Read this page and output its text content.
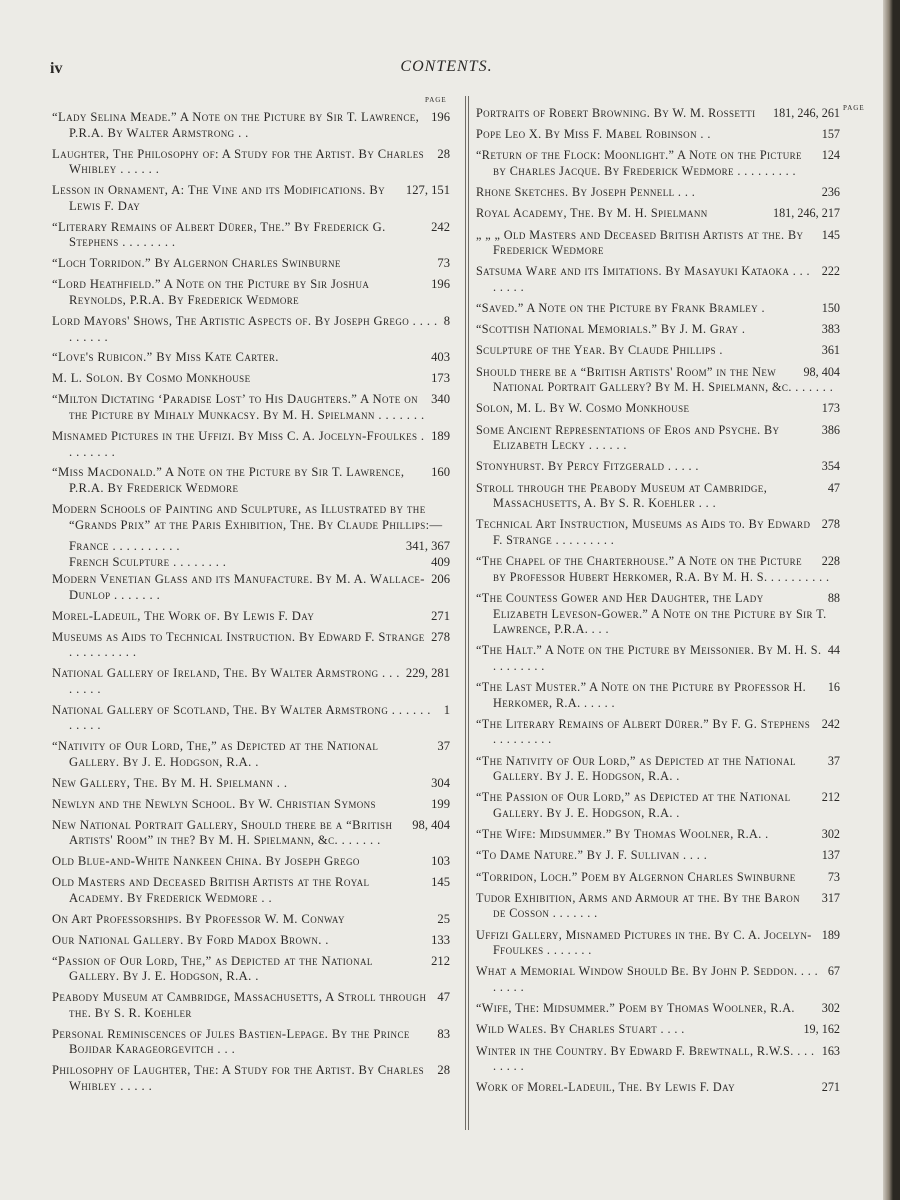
iv	CONTENTS.
PAGE
PAGE
196
“Lady Selina Meade.” A Note on the Picture by Sir T. Lawrence, P.R.A. By Walter Armstrong . .
28
Laughter, The Philosophy of: A Study for the Artist. By Charles Whibley . . . . . .
127, 151
Lesson in Ornament, A: The Vine and its Modifications. By Lewis F. Day
242
“Literary Remains of Albert Dürer, The.” By Frederick G. Stephens . . . . . . . .
73
“Loch Torridon.” By Algernon Charles Swinburne
196
“Lord Heathfield.” A Note on the Picture by Sir Joshua Reynolds, P.R.A. By Frederick Wedmore
8
Lord Mayors' Shows, The Artistic Aspects of. By Joseph Grego . . . . . . . . . .
403
“Love's Rubicon.” By Miss Kate Carter.
173
M. L. Solon. By Cosmo Monkhouse
340
“Milton Dictating ‘Paradise Lost’ to His Daughters.” A Note on the Picture by Mihaly Munkacsy. By M. H. Spielmann . . . . . . .
189
Misnamed Pictures in the Uffizi. By Miss C. A. Jocelyn-Ffoulkes . . . . . . . .
160
“Miss Macdonald.” A Note on the Picture by Sir T. Lawrence, P.R.A. By Frederick Wedmore
Modern Schools of Painting and Sculpture, as Illustrated by the “Grands Prix” at the Paris Exhibition, The. By Claude Phillips:—
341, 367
France . . . . . . . . . .
409
French Sculpture . . . . . . . .
206
Modern Venetian Glass and its Manufacture. By M. A. Wallace-Dunlop . . . . . . .
271
Morel-Ladeuil, The Work of. By Lewis F. Day
278
Museums as Aids to Technical Instruction. By Edward F. Strange . . . . . . . . . .
229, 281
National Gallery of Ireland, The. By Walter Armstrong . . . . . . . .
1
National Gallery of Scotland, The. By Walter Armstrong . . . . . . . . . . .
37
“Nativity of Our Lord, The,” as Depicted at the National Gallery. By J. E. Hodgson, R.A. .
304
New Gallery, The. By M. H. Spielmann . .
199
Newlyn and the Newlyn School. By W. Christian Symons
98, 404
New National Portrait Gallery, Should there be a “British Artists' Room” in the? By M. H. Spielmann, &c. . . . . . .
103
Old Blue-and-White Nankeen China. By Joseph Grego
145
Old Masters and Deceased British Artists at the Royal Academy. By Frederick Wedmore . .
25
On Art Professorships. By Professor W. M. Conway
133
Our National Gallery. By Ford Madox Brown. .
212
“Passion of Our Lord, The,” as Depicted at the National Gallery. By J. E. Hodgson, R.A. .
47
Peabody Museum at Cambridge, Massachusetts, A Stroll through the. By S. R. Koehler
83
Personal Reminiscences of Jules Bastien-Lepage. By the Prince Bojidar Karageorgevitch . . .
28
Philosophy of Laughter, The: A Study for the Artist. By Charles Whibley . . . . .
181, 246, 261
Portraits of Robert Browning. By W. M. Rossetti
157
Pope Leo X. By Miss F. Mabel Robinson . .
124
“Return of the Flock: Moonlight.” A Note on the Picture by Charles Jacque. By Frederick Wedmore . . . . . . . . .
236
Rhone Sketches. By Joseph Pennell . . .
181, 246, 217
Royal Academy, The. By M. H. Spielmann
145
„ „ „ Old Masters and Deceased British Artists at the. By Frederick Wedmore
222
Satsuma Ware and its Imitations. By Masayuki Kataoka . . . . . . . .
150
“Saved.” A Note on the Picture by Frank Bramley .
383
“Scottish National Memorials.” By J. M. Gray .
361
Sculpture of the Year. By Claude Phillips .
98, 404
Should there be a “British Artists' Room” in the New National Portrait Gallery? By M. H. Spielmann, &c. . . . . . .
173
Solon, M. L. By W. Cosmo Monkhouse
386
Some Ancient Representations of Eros and Psyche. By Elizabeth Lecky . . . . . .
354
Stonyhurst. By Percy Fitzgerald . . . . .
47
Stroll through the Peabody Museum at Cambridge, Massachusetts, A. By S. R. Koehler . . .
278
Technical Art Instruction, Museums as Aids to. By Edward F. Strange . . . . . . . . .
228
“The Chapel of the Charterhouse.” A Note on the Picture by Professor Hubert Herkomer, R.A. By M. H. S. . . . . . . . . .
88
“The Countess Gower and Her Daughter, the Lady Elizabeth Leveson-Gower.” A Note on the Picture by Sir T. Lawrence, P.R.A. . . .
44
“The Halt.” A Note on the Picture by Meissonier. By M. H. S. . . . . . . . .
16
“The Last Muster.” A Note on the Picture by Professor H. Herkomer, R.A. . . . . .
242
“The Literary Remains of Albert Dürer.” By F. G. Stephens . . . . . . . . .
37
“The Nativity of Our Lord,” as Depicted at the National Gallery. By J. E. Hodgson, R.A. .
212
“The Passion of Our Lord,” as Depicted at the National Gallery. By J. E. Hodgson, R.A. .
302
“The Wife: Midsummer.” By Thomas Woolner, R.A. .
137
“To Dame Nature.” By J. F. Sullivan . . . .
73
“Torridon, Loch.” Poem by Algernon Charles Swinburne
317
Tudor Exhibition, Arms and Armour at the. By the Baron de Cosson . . . . . . .
189
Uffizi Gallery, Misnamed Pictures in the. By C. A. Jocelyn-Ffoulkes . . . . . . .
67
What a Memorial Window Should Be. By John P. Seddon. . . . . . . . .
302
“Wife, The: Midsummer.” Poem by Thomas Woolner, R.A.
19, 162
Wild Wales. By Charles Stuart . . . .
163
Winter in the Country. By Edward F. Brewtnall, R.W.S. . . . . . . . .
271
Work of Morel-Ladeuil, The. By Lewis F. Day
